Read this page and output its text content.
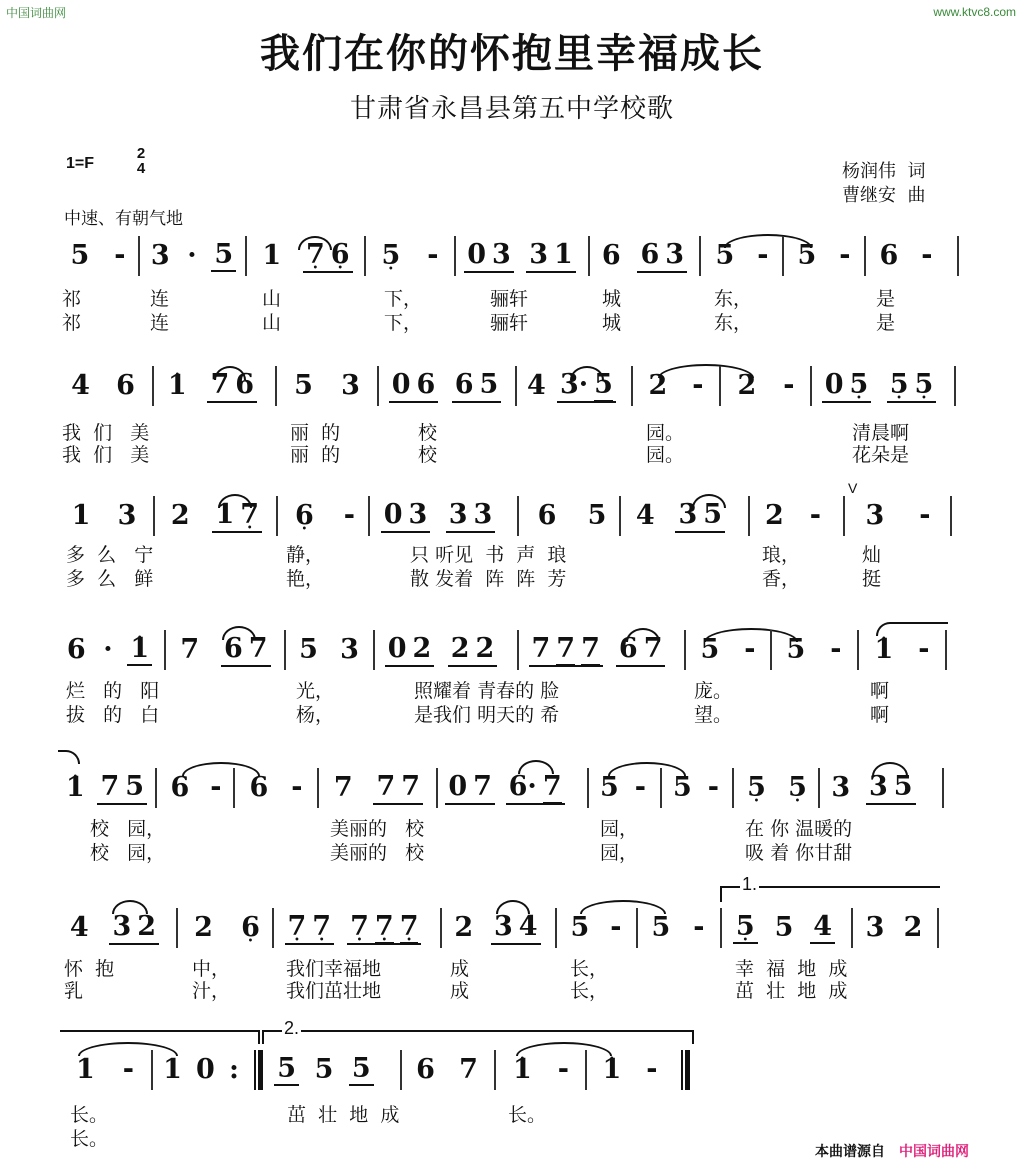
中国词曲网	www.ktvc8.com
我们在你的怀抱里幸福成长
甘肃省永昌县第五中学校歌
1=F
2
4
中速、有朝气地
杨润伟  词
曹继安  曲
5 - 3 · 5 1 7 • 6 • 5 • - 0 3 3 1 6 6 3 5 - 5 - 6 -
祁	连	山	下，	骊轩	城	东，	是
祁	连	山	下，	骊轩	城	东，	是
4 6 • 1 7 6 5 3 0 6 6 5 4 3· 5 2 - 2 - 0 5 • 5 • 5 •
我 们 美	丽 的	校	园。	清晨啊
我 们 美	丽 的	校	园。	花朵是
1 3 2 1 7 • 6 • - 0 3 3 3 6 5 4 3 5 2 -
V
3 -
多 么 宁	静，	只 听见 书 声 琅	琅，	灿
多 么 鲜	艳，	散 发着 阵 阵 芳	香，	挺
6 · • 1 7 6 7 5 3 0 2 2 2 7 7 7 6 7 5 - 5 - • 1 -
烂 的 阳	光，	照耀着 青春的 脸	庞。	啊
拔 的 白	杨，	是我们 明天的 希	望。	啊
• 1 7 5 6 - 6 - 7 7 7 0 7 6· 7 5 - 5 - 5 • 5 • 3 3 5
校 园，	美丽的 校	园，	在 你 温暖的
校 园，	美丽的 校	园，	吸 着 你甘甜
1.
4 3 2 2 6 • 7 • 7 • 7 • 7 • 7 • 2 3 4 5 - 5 - 5 • 5 4 3 2
怀 抱	中，	我们幸福地	成	长，	幸 福 地 成
乳	汁，	我们茁壮地	成	长，	茁 壮 地 成
2.
1 - 1 0 : 5 5 5 6 7 • 1 - • 1 -
长。	茁 壮 地 成	长。
长。
本曲谱源自 中国词曲网
